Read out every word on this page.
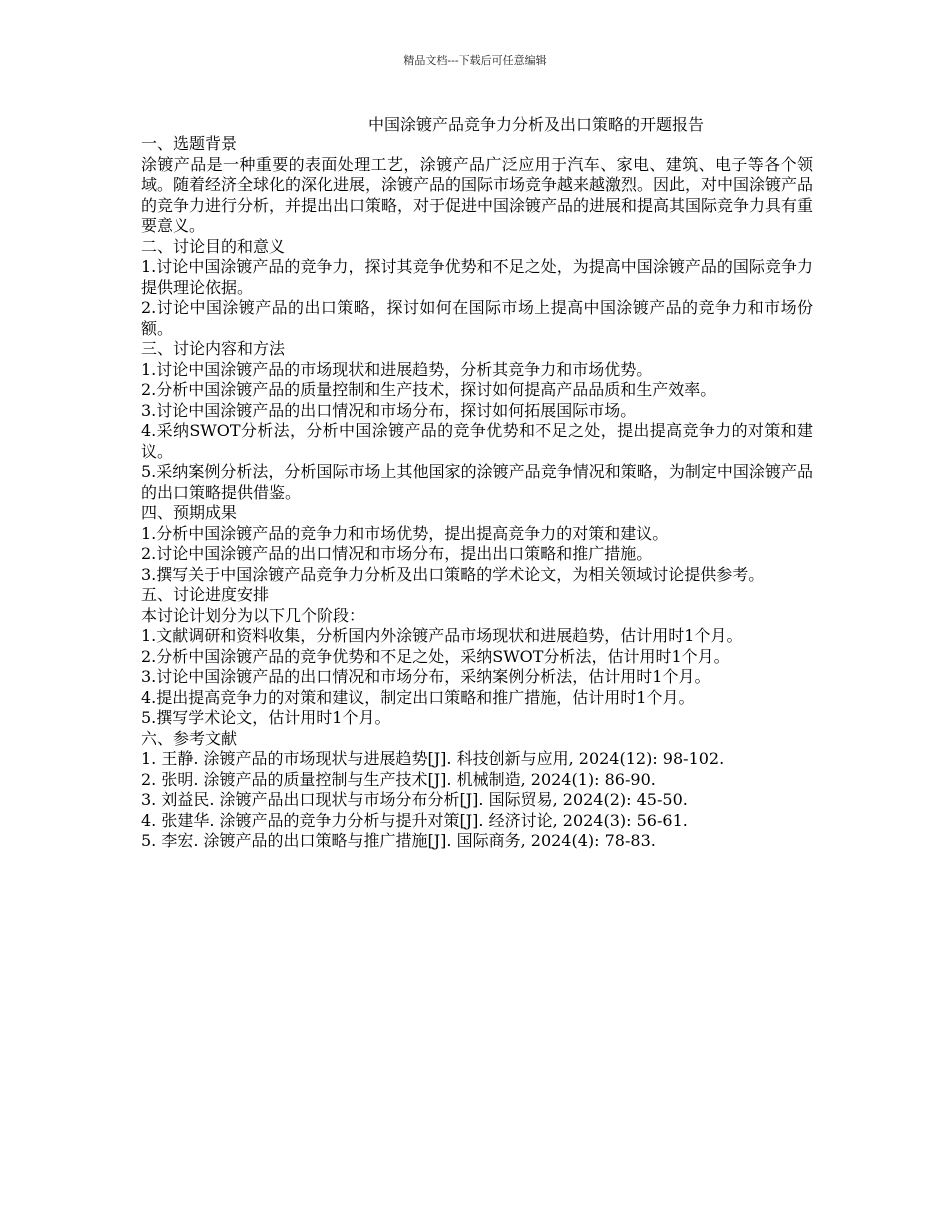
精品文档---下载后可任意编辑
中国涂镀产品竞争力分析及出口策略的开题报告

一、选题背景

涂镀产品是一种重要的表面处理工艺，涂镀产品广泛应用于汽车、家电、建筑、电子等各个领域。随着经济全球化的深化进展，涂镀产品的国际市场竞争越来越激烈。因此，对中国涂镀产品的竞争力进行分析，并提出出口策略，对于促进中国涂镀产品的进展和提高其国际竞争力具有重要意义。

二、讨论目的和意义

1.讨论中国涂镀产品的竞争力，探讨其竞争优势和不足之处，为提高中国涂镀产品的国际竞争力提供理论依据。

2.讨论中国涂镀产品的出口策略，探讨如何在国际市场上提高中国涂镀产品的竞争力和市场份额。

三、讨论内容和方法

1.讨论中国涂镀产品的市场现状和进展趋势，分析其竞争力和市场优势。

2.分析中国涂镀产品的质量控制和生产技术，探讨如何提高产品品质和生产效率。

3.讨论中国涂镀产品的出口情况和市场分布，探讨如何拓展国际市场。

4.采纳SWOT分析法，分析中国涂镀产品的竞争优势和不足之处，提出提高竞争力的对策和建议。

5.采纳案例分析法，分析国际市场上其他国家的涂镀产品竞争情况和策略，为制定中国涂镀产品的出口策略提供借鉴。

四、预期成果

1.分析中国涂镀产品的竞争力和市场优势，提出提高竞争力的对策和建议。

2.讨论中国涂镀产品的出口情况和市场分布，提出出口策略和推广措施。

3.撰写关于中国涂镀产品竞争力分析及出口策略的学术论文，为相关领域讨论提供参考。

五、讨论进度安排

本讨论计划分为以下几个阶段：

1.文献调研和资料收集，分析国内外涂镀产品市场现状和进展趋势，估计用时1个月。

2.分析中国涂镀产品的竞争优势和不足之处，采纳SWOT分析法，估计用时1个月。

3.讨论中国涂镀产品的出口情况和市场分布，采纳案例分析法，估计用时1个月。

4.提出提高竞争力的对策和建议，制定出口策略和推广措施，估计用时1个月。

5.撰写学术论文，估计用时1个月。

六、参考文献

1. 王静. 涂镀产品的市场现状与进展趋势[J]. 科技创新与应用, 2024(12): 98-102.

2. 张明. 涂镀产品的质量控制与生产技术[J]. 机械制造, 2024(1): 86-90.

3. 刘益民. 涂镀产品出口现状与市场分布分析[J]. 国际贸易, 2024(2): 45-50.

4. 张建华. 涂镀产品的竞争力分析与提升对策[J]. 经济讨论, 2024(3): 56-61.

5. 李宏. 涂镀产品的出口策略与推广措施[J]. 国际商务, 2024(4): 78-83.
